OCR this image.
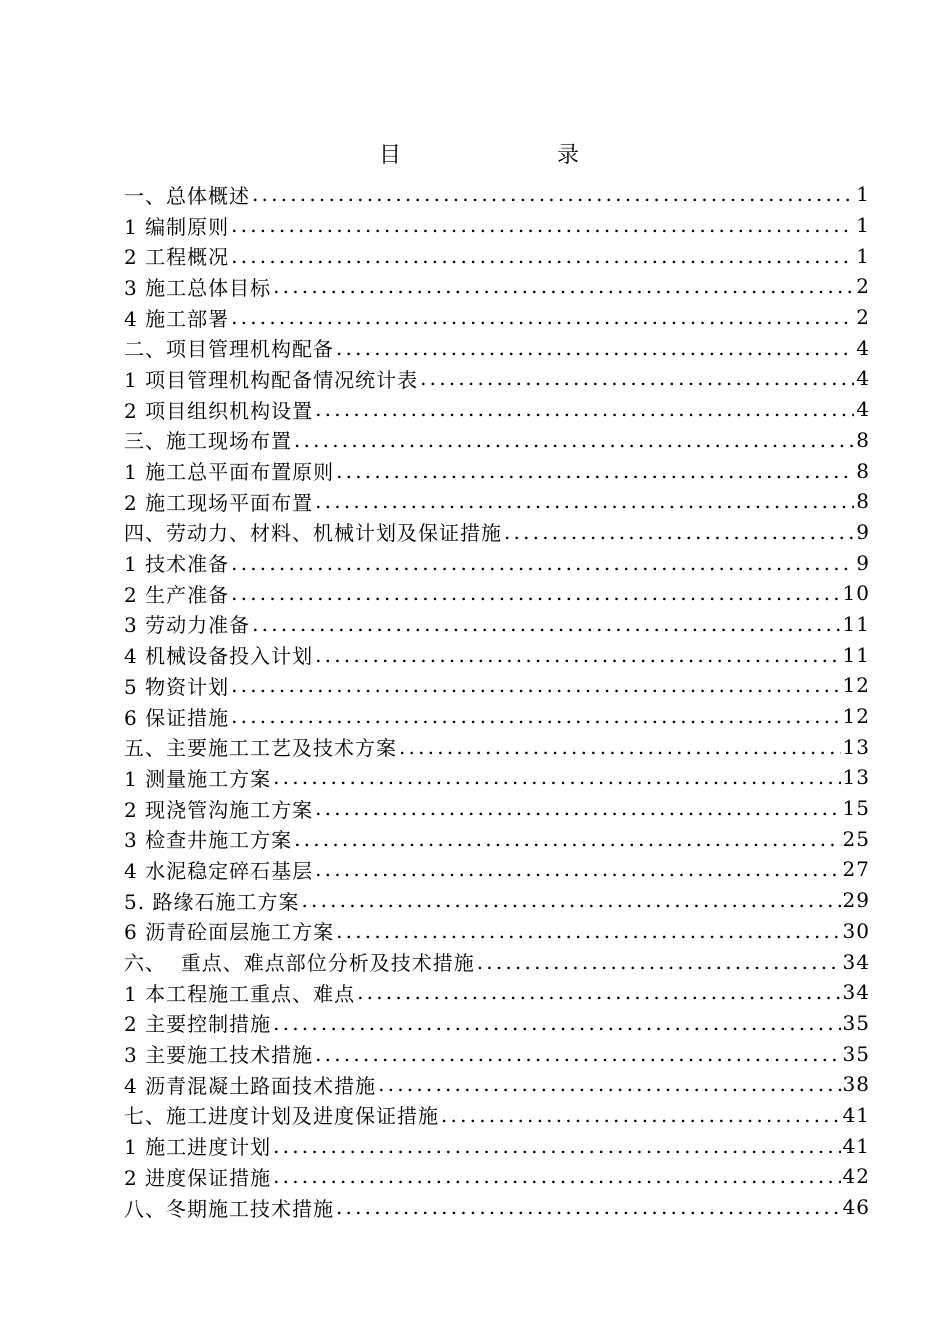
目	录
一、总体概述 .....	1
1 编制原则 .....	1
2 工程概况 .....	1
3 施工总体目标 .....	2
4 施工部署 .....	2
二、项目管理机构配备 .....	4
1 项目管理机构配备情况统计表 .....	4
2 项目组织机构设置 .....	4
三、施工现场布置 .....	8
1 施工总平面布置原则 .....	8
2 施工现场平面布置 .....	8
四、劳动力、材料、机械计划及保证措施 .....	9
1 技术准备 .....	9
2 生产准备 .....	10
3 劳动力准备 .....	11
4 机械设备投入计划 .....	11
5 物资计划 .....	12
6 保证措施 .....	12
五、主要施工工艺及技术方案 .....	13
1 测量施工方案 .....	13
2 现浇管沟施工方案 .....	15
3 检查井施工方案 .....	25
4 水泥稳定碎石基层 .....	27
5. 路缘石施工方案 .....	29
6 沥青砼面层施工方案 .....	30
六、  重点、难点部位分析及技术措施 .....	34
1 本工程施工重点、难点 .....	34
2 主要控制措施 .....	35
3 主要施工技术措施 .....	35
4 沥青混凝土路面技术措施 .....	38
七、施工进度计划及进度保证措施 .....	41
1 施工进度计划 .....	41
2 进度保证措施 .....	42
八、冬期施工技术措施 .....	46
